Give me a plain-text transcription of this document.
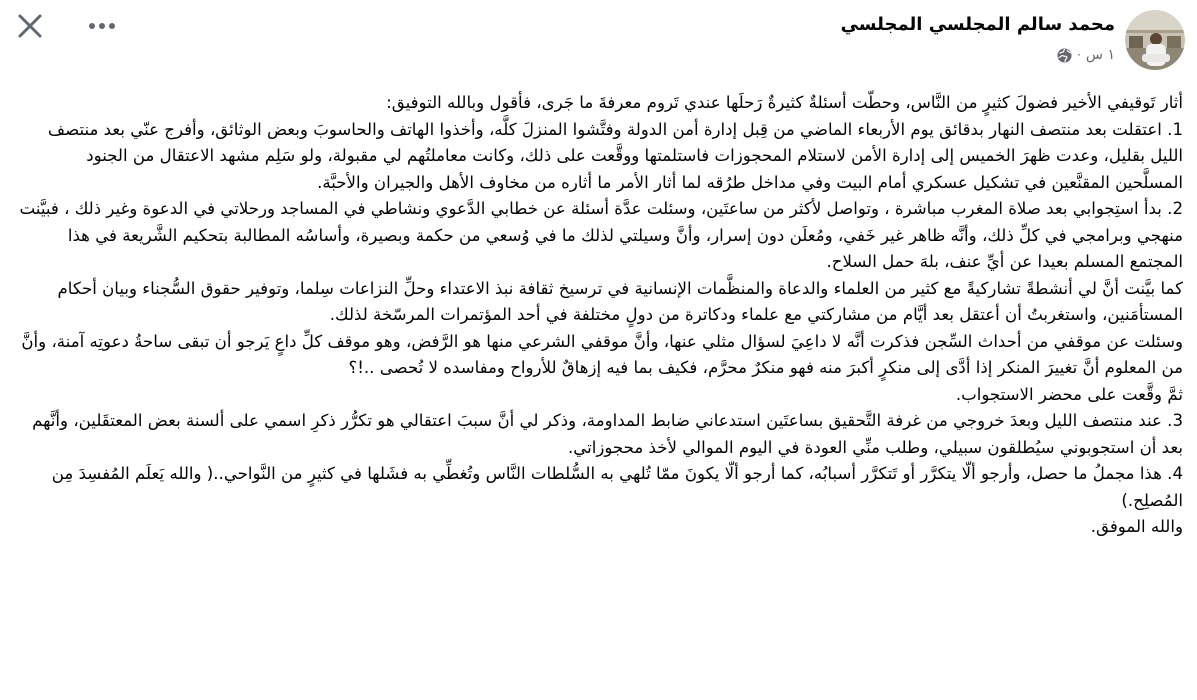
محمد سالم المجلسي المجلسي
١ س
·

أثار تَوقيفي الأخير فضولَ كثيرٍ من النَّاس، وحطّت أسئلةٌ كثيرةٌ رَحلَها عندي تَروم معرفةَ ما جَرى، فأقول وبالله التوفيق:

1. اعتقلت بعد منتصف النهار بدقائق يوم الأربعاء الماضي من قِبل إدارة أمن الدولة وفتَّشوا المنزلَ كلَّه، وأخذوا الهاتف والحاسوبَ وبعض الوثائق، وأفرج عنّي بعد منتصف الليل بقليل، وعدت ظهرَ الخميس إلى إدارة الأمن لاستلام المحجوزات فاستلمتها ووقَّعت على ذلك، وكانت معاملتُهم لي مقبولة، ولو سَلِم مشهد الاعتقال من الجنود المسلَّحين المقنَّعين في تشكيل عسكري أمام البيت وفي مداخل طرُقه لما أثار الأمر ما أثاره من مخاوف الأهل والجيران والأحبَّة.

2. بدأ استِجوابي بعد صلاة المغرب مباشرة ، وتواصل لأكثر من ساعتَين، وسئلت عدَّة أسئلة عن خطابي الدَّعوي ونشاطي في المساجد ورحلاتي في الدعوة وغير ذلك ، فبيَّنت منهجي وبرامجي في كلِّ ذلك، وأنَّه ظاهر غير خَفي، ومُعلَن دون إسرار، وأنَّ وسيلتي لذلك ما في وُسعي من حكمة وبصيرة، وأساسُه المطالبة بتحكيم الشَّريعة في هذا المجتمع المسلم بعيدا عن أيِّ عنف، بلهَ حمل السلاح.

كما بيَّنت أنَّ لي أنشطةً تشاركيةً مع كثير من العلماء والدعاة والمنظَّمات الإنسانية في ترسيخ ثقافة نبذ الاعتداء وحلِّ النزاعات سِلما، وتوفير حقوق السُّجناء وبيان أحكام المستأمَنين، واستغربتُ أن أعتقل بعد أيَّام من مشاركتي مع علماء ودكاترة من دولٍ مختلفة في أحد المؤتمرات المرسّخة لذلك.

وسئلت عن موقفي من أحداث السِّجن فذكرت أنَّه لا داعِيَ لسؤال مثلي عنها، وأنَّ موقفي الشرعي منها هو الرَّفض، وهو موقف كلِّ داعٍ يَرجو أن تبقى ساحةُ دعوتِه آمنة، وأنَّ من المعلوم أنَّ تغييرَ المنكر إذا أدَّى إلى منكرٍ أكبرَ منه فهو منكرٌ محرَّم، فكيف بما فيه إزهاقٌ للأرواح ومفاسده لا تُحصى ..!؟

ثمَّ وقَّعت على محضر الاستجواب.

3. عند منتصف الليل وبعدَ خروجي من غرفة التَّحقيق بساعتَين استدعاني ضابط المداومة، وذكر لي أنَّ سببَ اعتقالي هو تكرُّر ذكرِ اسمي على ألسنة بعض المعتقَلين، وأنَّهم بعد أن استجوبوني سيُطلقون سبيلي، وطلب منِّي العودة في اليوم الموالي لأخذ محجوزاتي.

4. هذا مجملُ ما حصل، وأرجو ألّا يتكرَّر أو تَتكرَّر أسبابُه، كما أرجو ألّا يكونَ ممّا تُلهي به السُّلطات النَّاس وتُغطِّي به فشَلها في كثيرٍ من النَّواحي..( والله يَعلَم المُفسِدَ مِن المُصلِح.)

والله الموفق.
